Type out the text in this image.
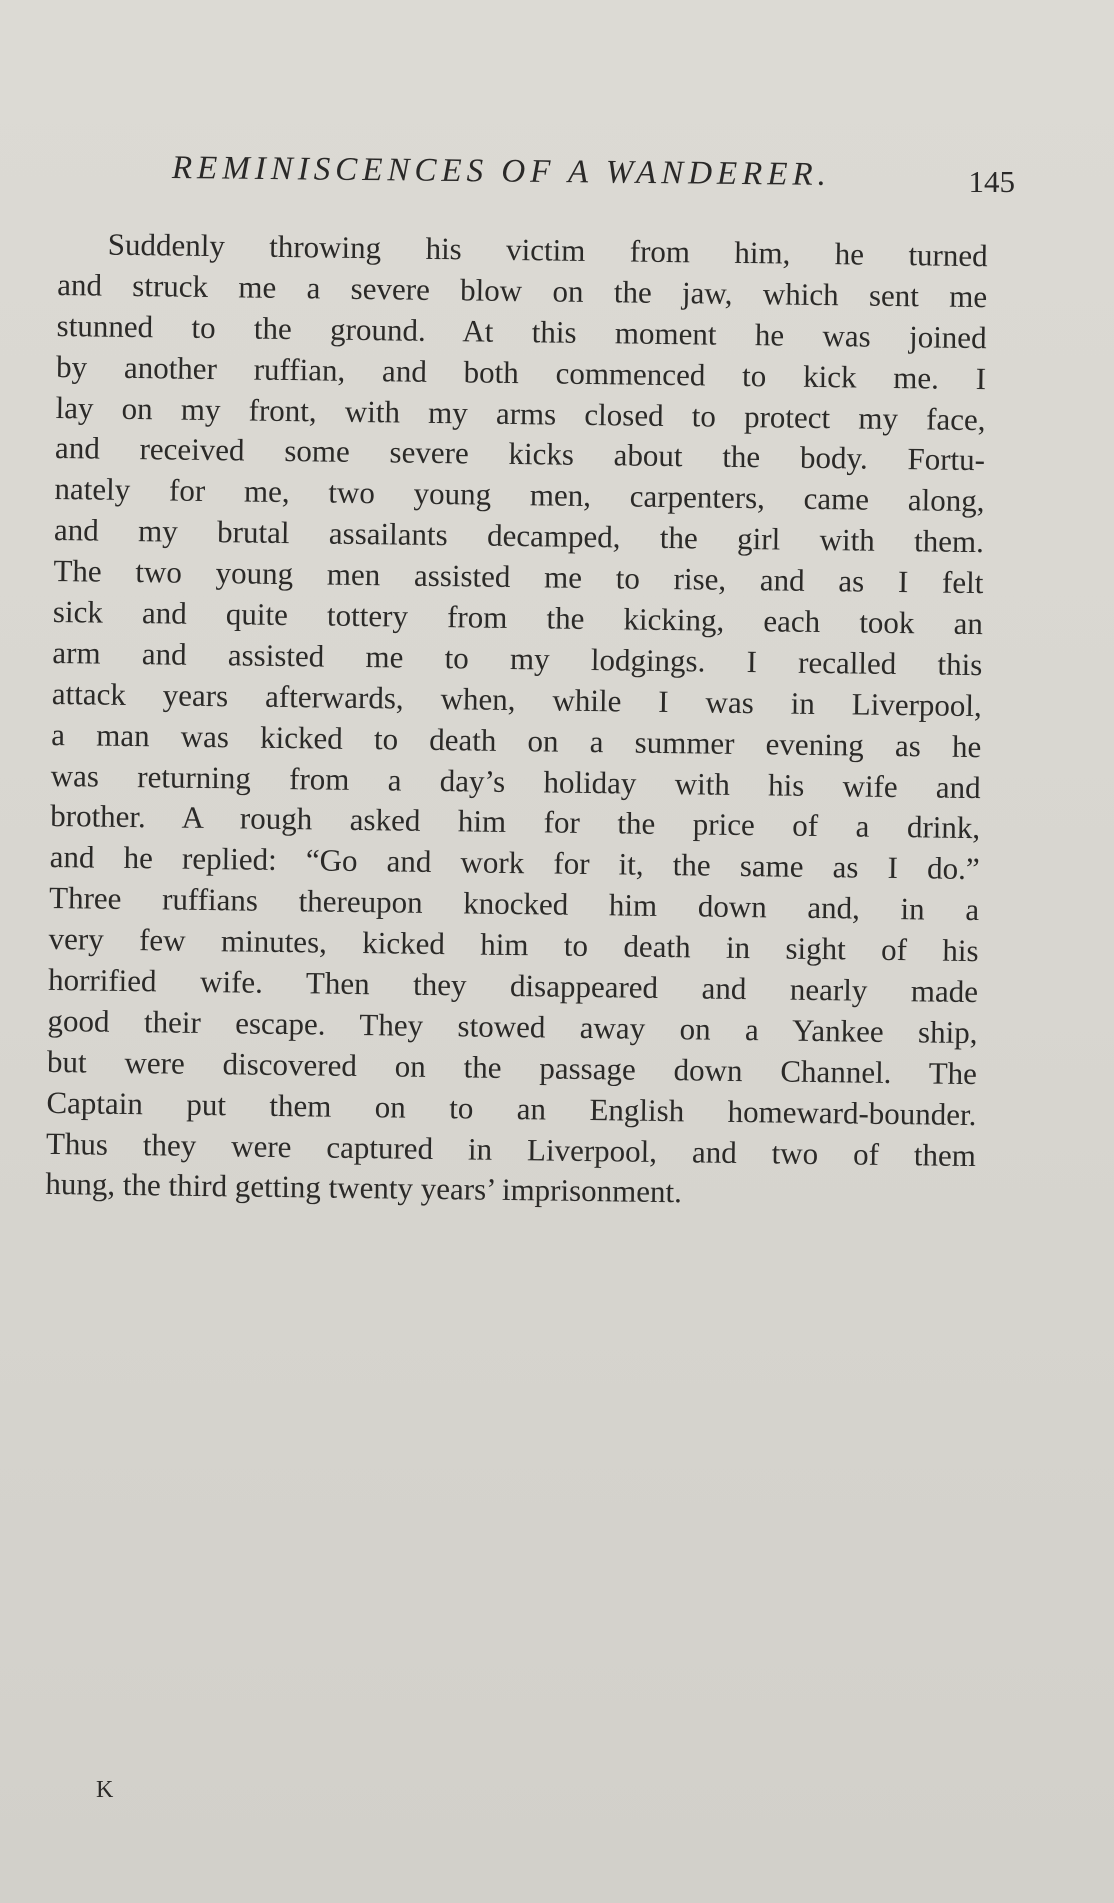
REMINISCENCES OF A WANDERER.	145
Suddenly throwing his victim from him, he turned
and struck me a severe blow on the jaw, which sent me
stunned to the ground. At this moment he was joined
by another ruffian, and both commenced to kick me. I
lay on my front, with my arms closed to protect my face,
and received some severe kicks about the body. Fortu-
nately for me, two young men, carpenters, came along,
and my brutal assailants decamped, the girl with them.
The two young men assisted me to rise, and as I felt
sick and quite tottery from the kicking, each took an
arm and assisted me to my lodgings. I recalled this
attack years afterwards, when, while I was in Liverpool,
a man was kicked to death on a summer evening as he
was returning from a day’s holiday with his wife and
brother. A rough asked him for the price of a drink,
and he replied: “Go and work for it, the same as I do.”
Three ruffians thereupon knocked him down and, in a
very few minutes, kicked him to death in sight of his
horrified wife. Then they disappeared and nearly made
good their escape. They stowed away on a Yankee ship,
but were discovered on the passage down Channel. The
Captain put them on to an English homeward-bounder.
Thus they were captured in Liverpool, and two of them
hung, the third getting twenty years’ imprisonment.
K
